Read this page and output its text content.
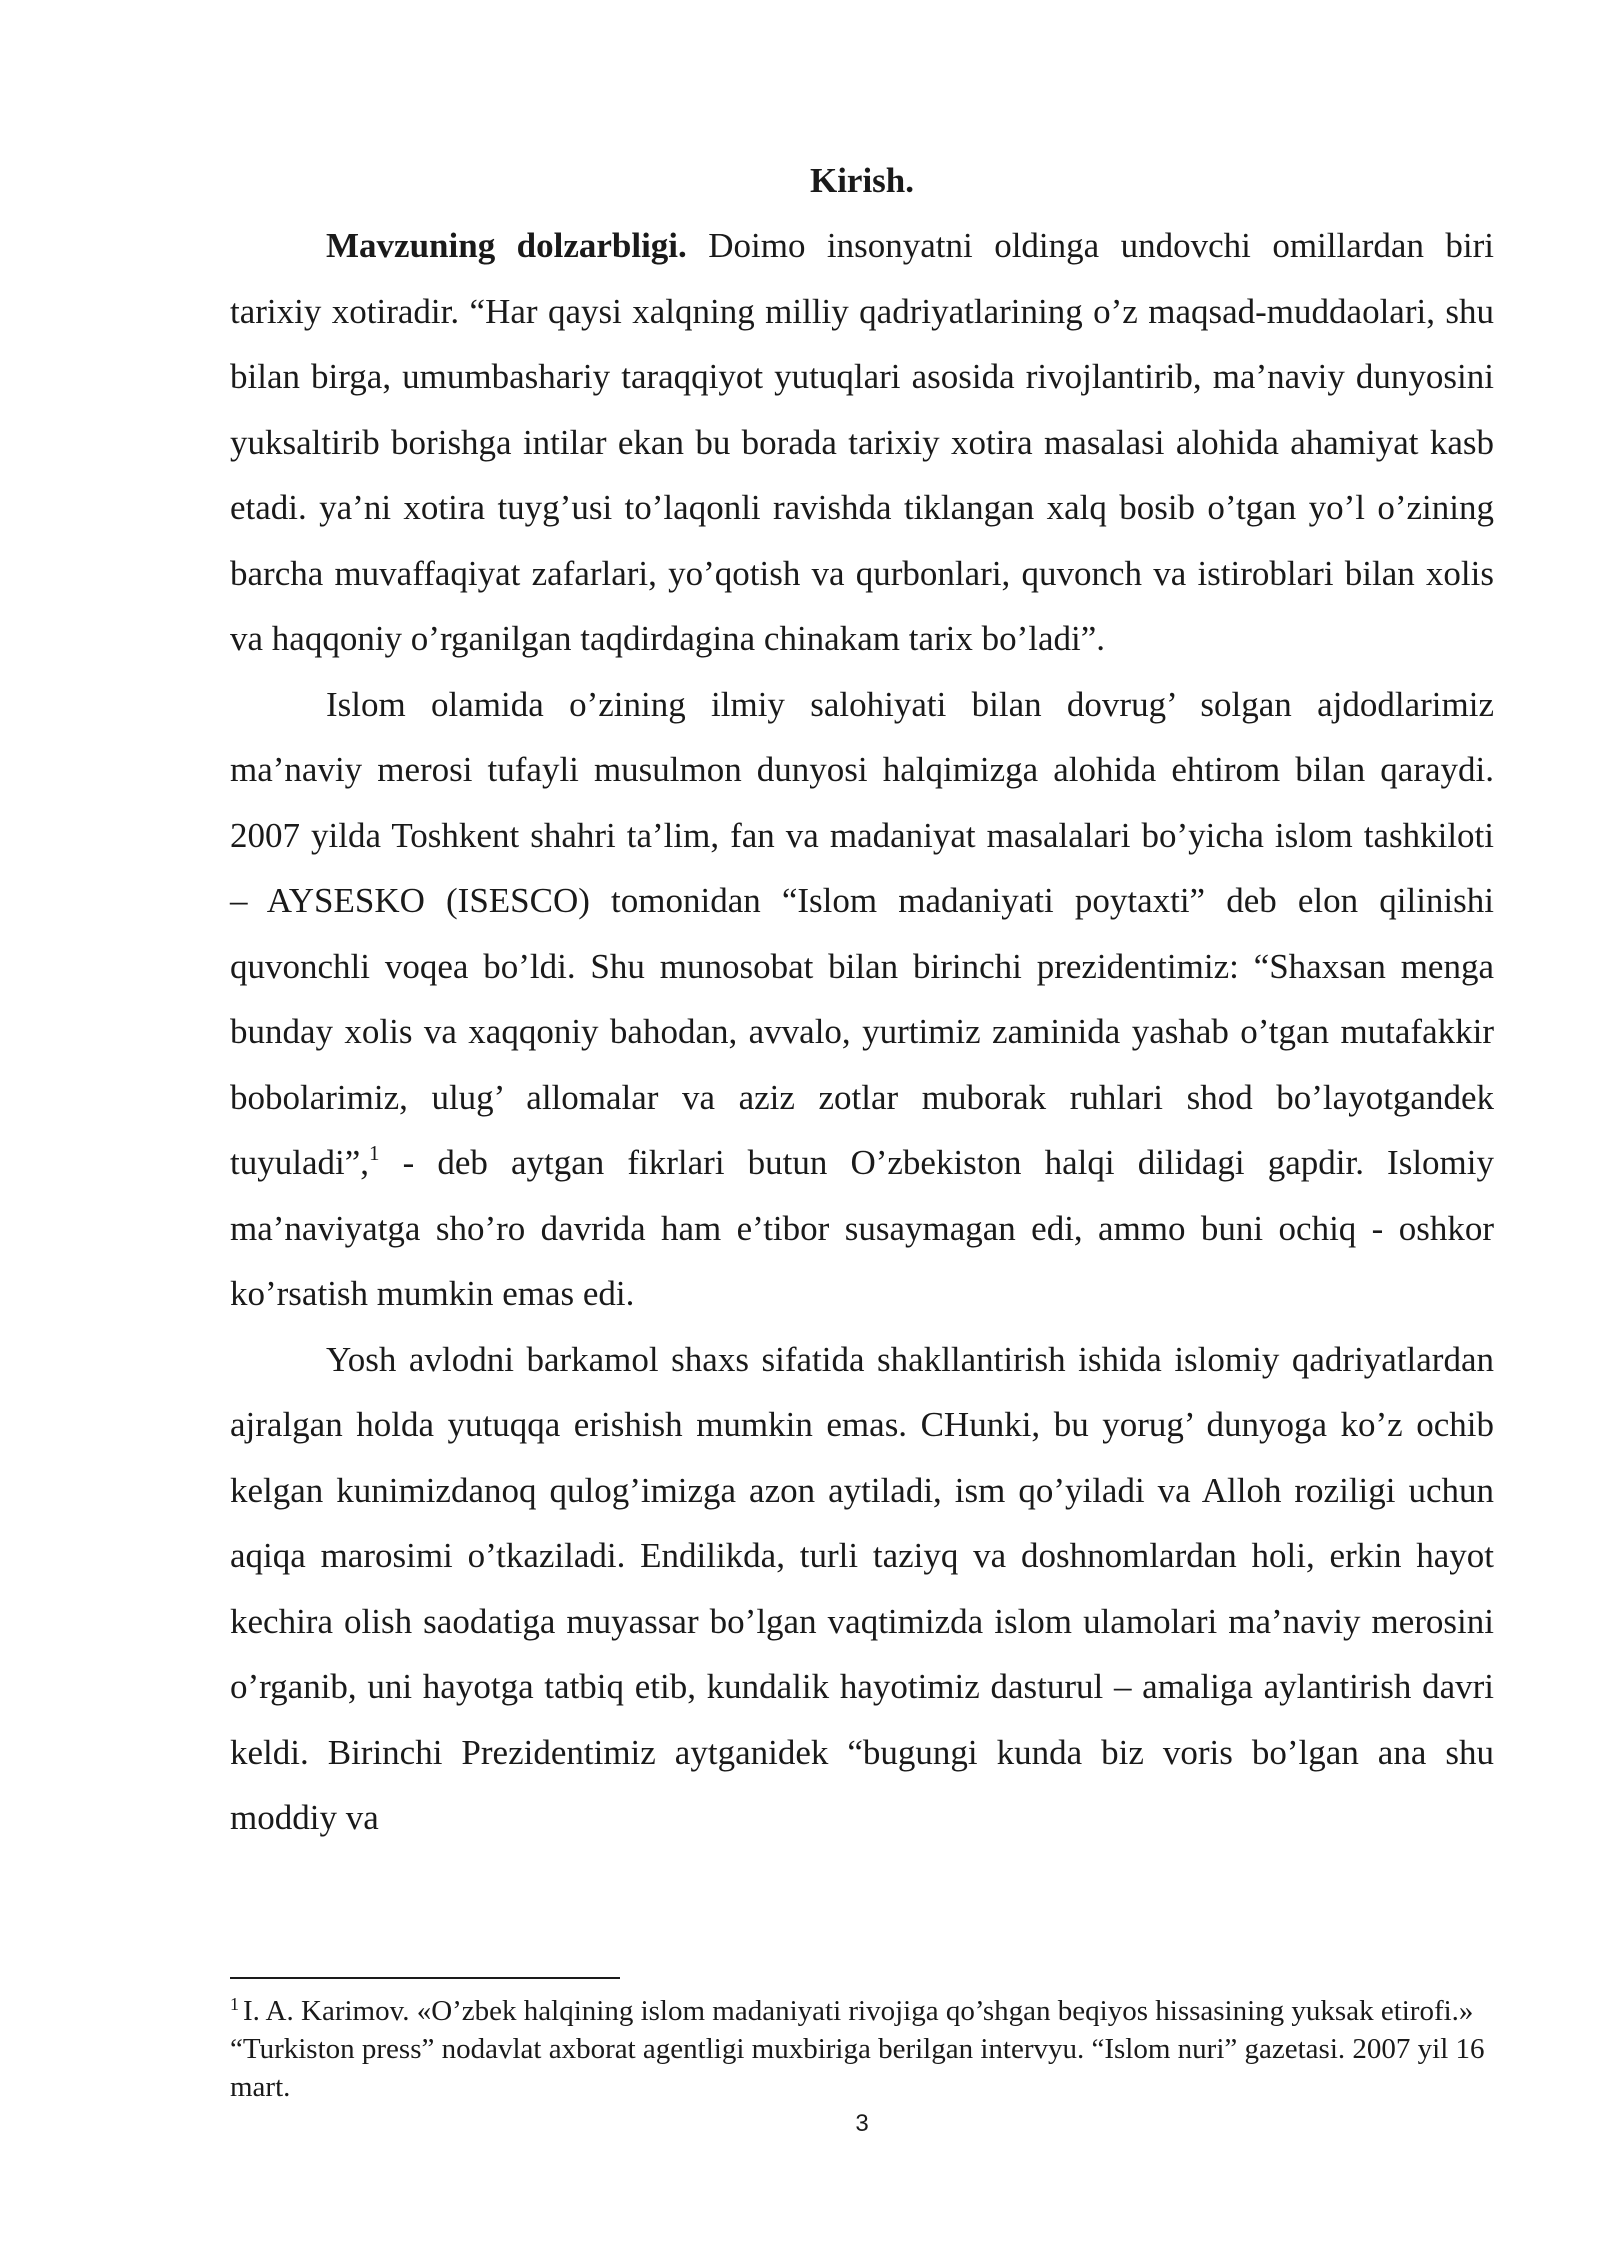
Kirish.

Mavzuning dolzarbligi. Doimo insonyatni oldinga undovchi omillardan biri tarixiy xotiradir. “Har qaysi xalqning milliy qadriyatlarining o’z maqsad-muddaolari, shu bilan birga, umumbashariy taraqqiyot yutuqlari asosida rivojlantirib, ma’naviy dunyosini yuksaltirib borishga intilar ekan bu borada tarixiy xotira masalasi alohida ahamiyat kasb etadi. ya’ni xotira tuyg’usi to’laqonli ravishda tiklangan xalq bosib o’tgan yo’l o’zining barcha muvaffaqiyat zafarlari, yo’qotish va qurbonlari, quvonch va istiroblari bilan xolis va haqqoniy o’rganilgan taqdirdagina chinakam tarix bo’ladi”.

Islom olamida o’zining ilmiy salohiyati bilan dovrug’ solgan ajdodlarimiz ma’naviy merosi tufayli musulmon dunyosi halqimizga alohida ehtirom bilan qaraydi. 2007 yilda Toshkent shahri ta’lim, fan va madaniyat masalalari bo’yicha islom tashkiloti – AYSESKO (ISESCO) tomonidan “Islom madaniyati poytaxti” deb elon qilinishi quvonchli voqea bo’ldi. Shu munosobat bilan birinchi prezidentimiz: “Shaxsan menga bunday xolis va xaqqoniy bahodan, avvalo, yurtimiz zaminida yashab o’tgan mutafakkir bobolarimiz, ulug’ allomalar va aziz zotlar muborak ruhlari shod bo’layotgandek tuyuladi”,$^1$ - deb aytgan fikrlari butun O’zbekiston halqi dilidagi gapdir. Islomiy ma’naviyatga sho’ro davrida ham e’tibor susaymagan edi, ammo buni ochiq - oshkor ko’rsatish mumkin emas edi.

Yosh avlodni barkamol shaxs sifatida shakllantirish ishida islomiy qadriyatlardan ajralgan holda yutuqqa erishish mumkin emas. CHunki, bu yorug’ dunyoga ko’z ochib kelgan kunimizdanoq qulog’imizga azon aytiladi, ism qo’yiladi va Alloh roziligi uchun aqiqa marosimi o’tkaziladi. Endilikda, turli taziyq va doshnomlardan holi, erkin hayot kechira olish saodatiga muyassar bo’lgan vaqtimizda islom ulamolari ma’naviy merosini o’rganib, uni hayotga tatbiq etib, kundalik hayotimiz dasturul – amaliga aylantirish davri keldi. Birinchi Prezidentimiz aytganidek “bugungi kunda biz voris bo’lgan ana shu moddiy va

$^1$ I. A. Karimov. «O’zbek halqining islom madaniyati rivojiga qo’shgan beqiyos hissasining yuksak etirofi.» “Turkiston press” nodavlat axborat agentligi muxbiriga berilgan intervyu. “Islom nuri” gazetasi. 2007 yil 16 mart.

3
